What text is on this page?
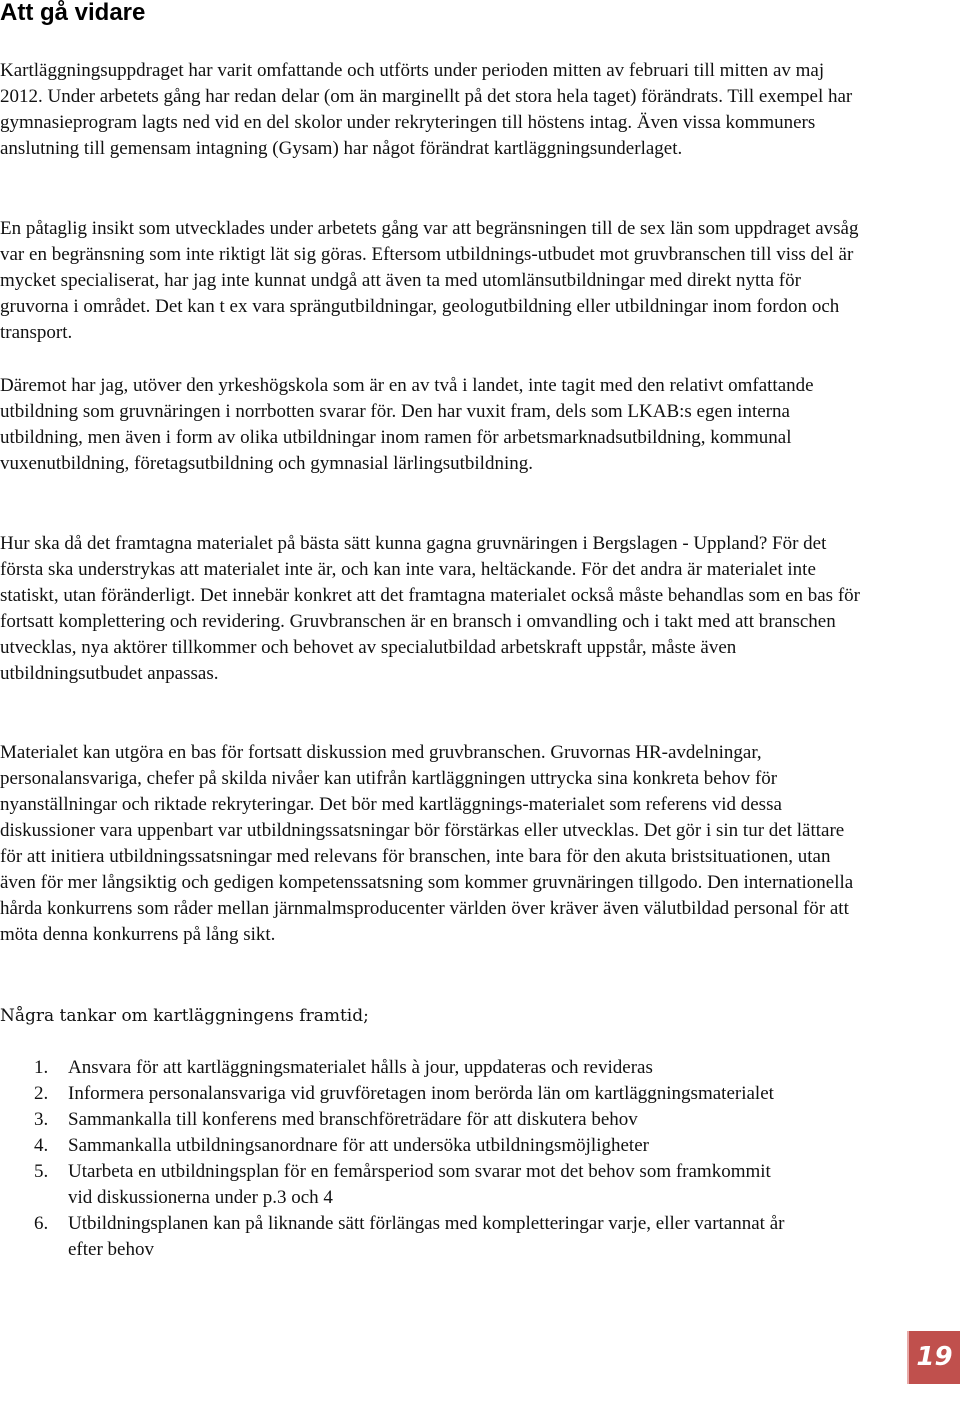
Att gå vidare

Kartläggningsuppdraget har varit omfattande och utförts under perioden mitten av februari till mitten av maj 2012. Under arbetets gång har redan delar (om än marginellt på det stora hela taget) förändrats. Till exempel har gymnasieprogram lagts ned vid en del skolor under rekryteringen till höstens intag. Även vissa kommuners anslutning till gemensam intagning (Gysam) har något förändrat kartläggningsunderlaget.

En påtaglig insikt som utvecklades under arbetets gång var att begränsningen till de sex län som uppdraget avsåg var en begränsning som inte riktigt lät sig göras. Eftersom utbildnings-utbudet mot gruvbranschen till viss del är mycket specialiserat, har jag inte kunnat undgå att även ta med utomlänsutbildningar med direkt nytta för gruvorna i området. Det kan t ex vara sprängutbildningar, geologutbildning eller utbildningar inom fordon och transport.

Däremot har jag, utöver den yrkeshögskola som är en av två i landet, inte tagit med den relativt omfattande utbildning som gruvnäringen i norrbotten svarar för. Den har vuxit fram, dels som LKAB:s egen interna utbildning, men även i form av olika utbildningar inom ramen för arbetsmarknadsutbildning, kommunal vuxenutbildning, företagsutbildning och gymnasial lärlingsutbildning.

Hur ska då det framtagna materialet på bästa sätt kunna gagna gruvnäringen i Bergslagen - Uppland? För det första ska understrykas att materialet inte är, och kan inte vara, heltäckande. För det andra är materialet inte statiskt, utan föränderligt. Det innebär konkret att det framtagna materialet också måste behandlas som en bas för fortsatt komplettering och revidering. Gruvbranschen är en bransch i omvandling och i takt med att branschen utvecklas, nya aktörer tillkommer och behovet av specialutbildad arbetskraft uppstår, måste även utbildningsutbudet anpassas.

Materialet kan utgöra en bas för fortsatt diskussion med gruvbranschen. Gruvornas HR-avdelningar, personalansvariga, chefer på skilda nivåer kan utifrån kartläggningen uttrycka sina konkreta behov för nyanställningar och riktade rekryteringar. Det bör med kartläggnings-materialet som referens vid dessa diskussioner vara uppenbart var utbildningssatsningar bör förstärkas eller utvecklas. Det gör i sin tur det lättare för att initiera utbildningssatsningar med relevans för branschen, inte bara för den akuta bristsituationen, utan även för mer långsiktig och gedigen kompetenssatsning som kommer gruvnäringen tillgodo. Den internationella hårda konkurrens som råder mellan järnmalmsproducenter världen över kräver även välutbildad personal för att möta denna konkurrens på lång sikt.

Några tankar om kartläggningens framtid;

1. Ansvara för att kartläggningsmaterialet hålls à jour, uppdateras och revideras
2. Informera personalansvariga vid gruvföretagen inom berörda län om kartläggningsmaterialet
3. Sammankalla till konferens med branschföreträdare för att diskutera behov
4. Sammankalla utbildningsanordnare för att undersöka utbildningsmöjligheter
5. Utarbeta en utbildningsplan för en femårsperiod som svarar mot det behov som framkommit vid diskussionerna under p.3 och 4
6. Utbildningsplanen kan på liknande sätt förlängas med kompletteringar varje, eller vartannat år efter behov
19
